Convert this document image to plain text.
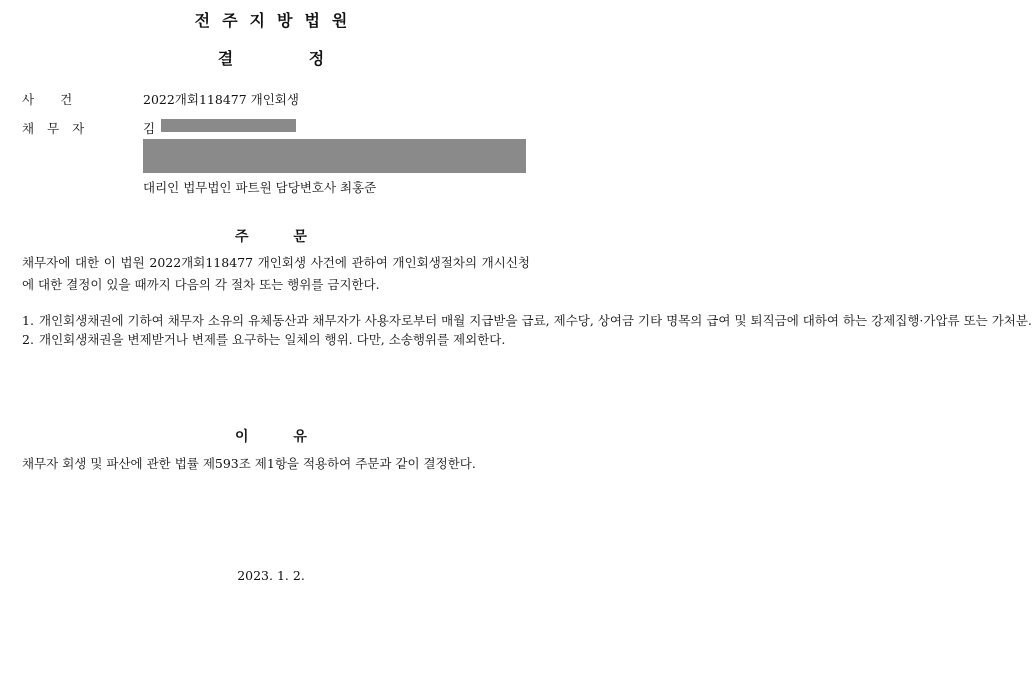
전주지방법원
결 정
사건	2022개회118477 개인회생
채무자	김
대리인 법무법인 파트원 담당변호사 최홍준
주 문
채무자에 대한 이 법원 2022개회118477 개인회생 사건에 관하여 개인회생절차의 개시신청에 대한 결정이 있을 때까지 다음의 각 절차 또는 행위를 금지한다.
1. 개인회생채권에 기하여 채무자 소유의 유체동산과 채무자가 사용자로부터 매월 지급받을 급료, 제수당, 상여금 기타 명목의 급여 및 퇴직금에 대하여 하는 강제집행·가압류 또는 가처분.
2. 개인회생채권을 변제받거나 변제를 요구하는 일체의 행위. 다만, 소송행위를 제외한다.
이 유
채무자 회생 및 파산에 관한 법률 제593조 제1항을 적용하여 주문과 같이 결정한다.
2023. 1. 2.
